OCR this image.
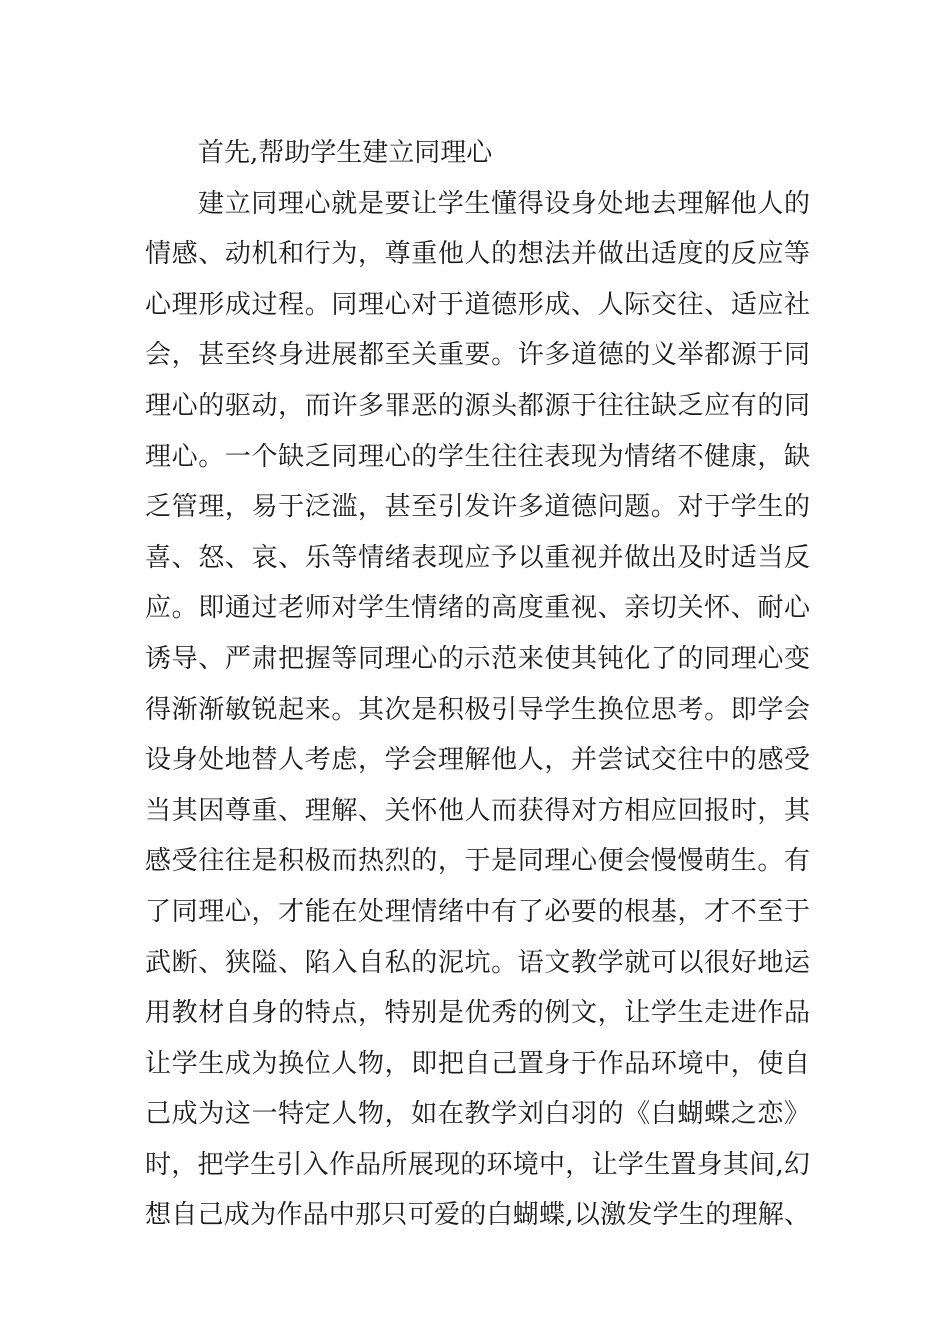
首先,帮助学生建立同理心
建立同理心就是要让学生懂得设身处地去理解他人的
情感、动机和行为，尊重他人的想法并做出适度的反应等
心理形成过程。同理心对于道德形成、人际交往、适应社
会，甚至终身进展都至关重要。许多道德的义举都源于同
理心的驱动，而许多罪恶的源头都源于往往缺乏应有的同
理心。一个缺乏同理心的学生往往表现为情绪不健康，缺
乏管理，易于泛滥，甚至引发许多道德问题。对于学生的
喜、怒、哀、乐等情绪表现应予以重视并做出及时适当反
应。即通过老师对学生情绪的高度重视、亲切关怀、耐心
诱导、严肃把握等同理心的示范来使其钝化了的同理心变
得渐渐敏锐起来。其次是积极引导学生换位思考。即学会
设身处地替人考虑，学会理解他人，并尝试交往中的感受
当其因尊重、理解、关怀他人而获得对方相应回报时，其
感受往往是积极而热烈的，于是同理心便会慢慢萌生。有
了同理心，才能在处理情绪中有了必要的根基，才不至于
武断、狭隘、陷入自私的泥坑。语文教学就可以很好地运
用教材自身的特点，特别是优秀的例文，让学生走进作品
让学生成为换位人物，即把自己置身于作品环境中，使自
己成为这一特定人物，如在教学刘白羽的《白蝴蝶之恋》
时，把学生引入作品所展现的环境中，让学生置身其间,幻
想自己成为作品中那只可爱的白蝴蝶,以激发学生的理解、
